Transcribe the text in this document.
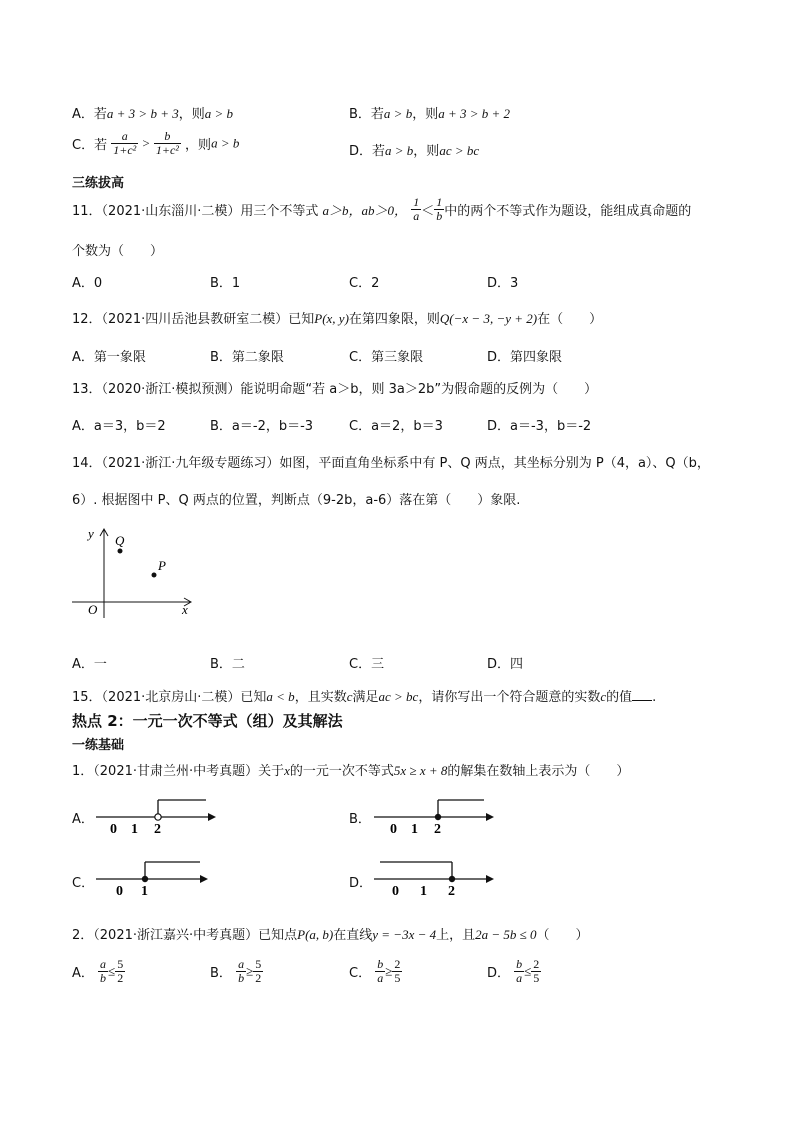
A．若a + 3 > b + 3，则a > b	B．若a > b，则a + 3 > b + 2
C．若 $\frac{a}{\text{1+c²}} > \frac{b}{\text{1+c²}}$ ，则a > b
D．若a > b，则ac > bc
三练拔高
11．（2021·山东淄川·二模）用三个不等式 a＞b，ab＞0， $\frac{1}{a} < \frac{1}{b}$ 中的两个不等式作为题设，能组成真命题的
个数为（　　）
A．0	B．1	C．2	D．3
12．（2021·四川岳池县教研室二模）已知P(x, y)在第四象限，则Q(−x − 3, −y + 2)在（　　）
A．第一象限	B．第二象限	C．第三象限	D．第四象限
13．（2020·浙江·模拟预测）能说明命题“若 a＞b，则 3a＞2b”为假命题的反例为（　　）
A．a＝3，b＝2	B．a＝-2，b＝-3	C．a＝2，b＝3	D．a＝-3，b＝-2
14．（2021·浙江·九年级专题练习）如图，平面直角坐标系中有 P、Q 两点，其坐标分别为 P（4，a）、Q（b，
6）. 根据图中 P、Q 两点的位置，判断点（9-2b，a-6）落在第（　　）象限.
y
x
O
Q
P
A．一	B．二	C．三	D．四
15．（2021·北京房山·二模）已知a < b，且实数c满足ac > bc，请你写出一个符合题意的实数c的值 .
热点 2：一元一次不等式（组）及其解法
一练基础
1．（2021·甘肃兰州·中考真题）关于x的一元一次不等式5x ≥ x + 8的解集在数轴上表示为（　　）
A．
0 1 2
B．
0 1 2
C．
0 1
D．
0 1 2
2．（2021·浙江嘉兴·中考真题）已知点P(a, b)在直线y = −3x − 4上，且2a − 5b ≤ 0（　　）
A． $\frac{a}{b} \le \frac{5}{2}$	B． $\frac{a}{b} \ge \frac{5}{2}$	C． $\frac{b}{a} \ge \frac{2}{5}$	D． $\frac{b}{a} \le \frac{2}{5}$
